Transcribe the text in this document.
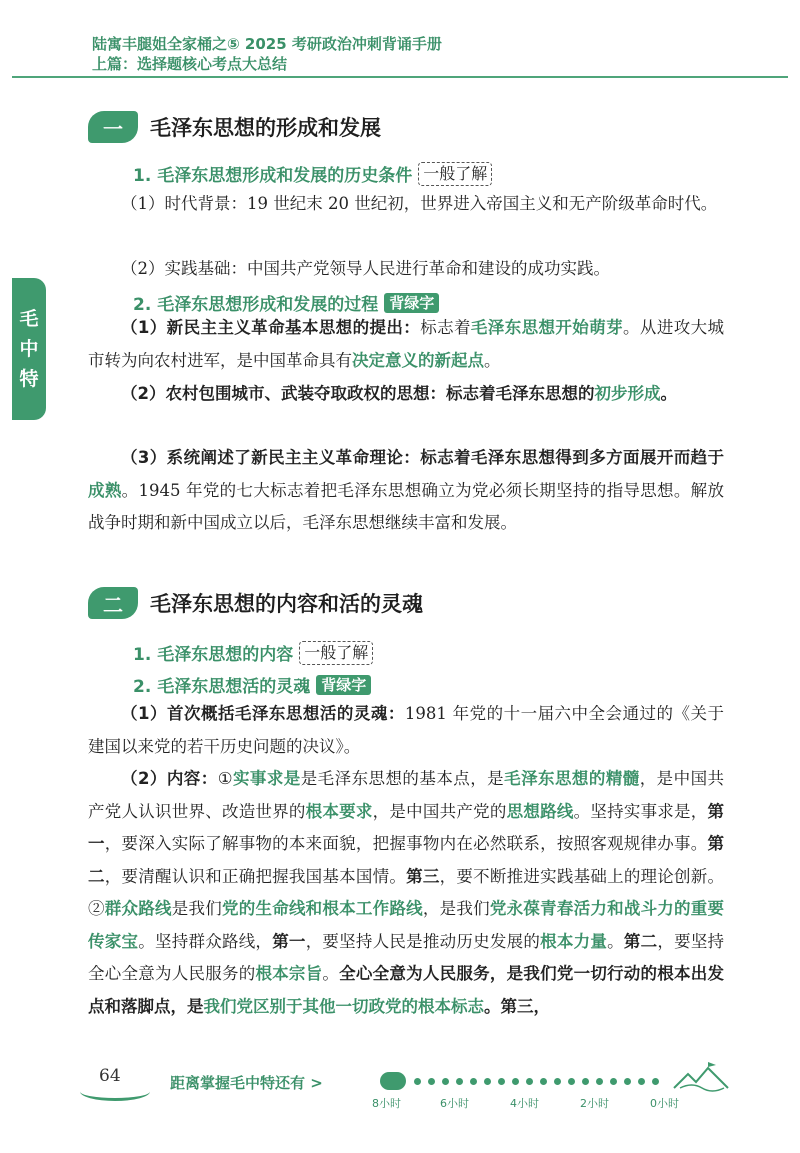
陆寓丰腿姐全家桶之⑤ 2025 考研政治冲刺背诵手册
上篇：选择题核心考点大总结
毛
中
特
一	毛泽东思想的形成和发展
1. 毛泽东思想形成和发展的历史条件 一般了解
（1）时代背景：19 世纪末 20 世纪初，世界进入帝国主义和无产阶级革命时代。
（2）实践基础：中国共产党领导人民进行革命和建设的成功实践。
2. 毛泽东思想形成和发展的过程 背绿字
（1）新民主主义革命基本思想的提出：标志着毛泽东思想开始萌芽。从进攻大城市转为向农村进军，是中国革命具有决定意义的新起点。
（2）农村包围城市、武装夺取政权的思想：标志着毛泽东思想的初步形成。
（3）系统阐述了新民主主义革命理论：标志着毛泽东思想得到多方面展开而趋于成熟。1945 年党的七大标志着把毛泽东思想确立为党必须长期坚持的指导思想。解放战争时期和新中国成立以后，毛泽东思想继续丰富和发展。
二	毛泽东思想的内容和活的灵魂
1. 毛泽东思想的内容 一般了解
2. 毛泽东思想活的灵魂 背绿字
（1）首次概括毛泽东思想活的灵魂：1981 年党的十一届六中全会通过的《关于建国以来党的若干历史问题的决议》。
（2）内容：①实事求是是毛泽东思想的基本点，是毛泽东思想的精髓，是中国共产党人认识世界、改造世界的根本要求，是中国共产党的思想路线。坚持实事求是，第一，要深入实际了解事物的本来面貌，把握事物内在必然联系，按照客观规律办事。第二，要清醒认识和正确把握我国基本国情。第三，要不断推进实践基础上的理论创新。②群众路线是我们党的生命线和根本工作路线，是我们党永葆青春活力和战斗力的重要传家宝。坚持群众路线，第一，要坚持人民是推动历史发展的根本力量。第二，要坚持全心全意为人民服务的根本宗旨。全心全意为人民服务，是我们党一切行动的根本出发点和落脚点，是我们党区别于其他一切政党的根本标志。第三，
64	距离掌握毛中特还有 >
8小时	6小时	4小时	2小时	0小时
